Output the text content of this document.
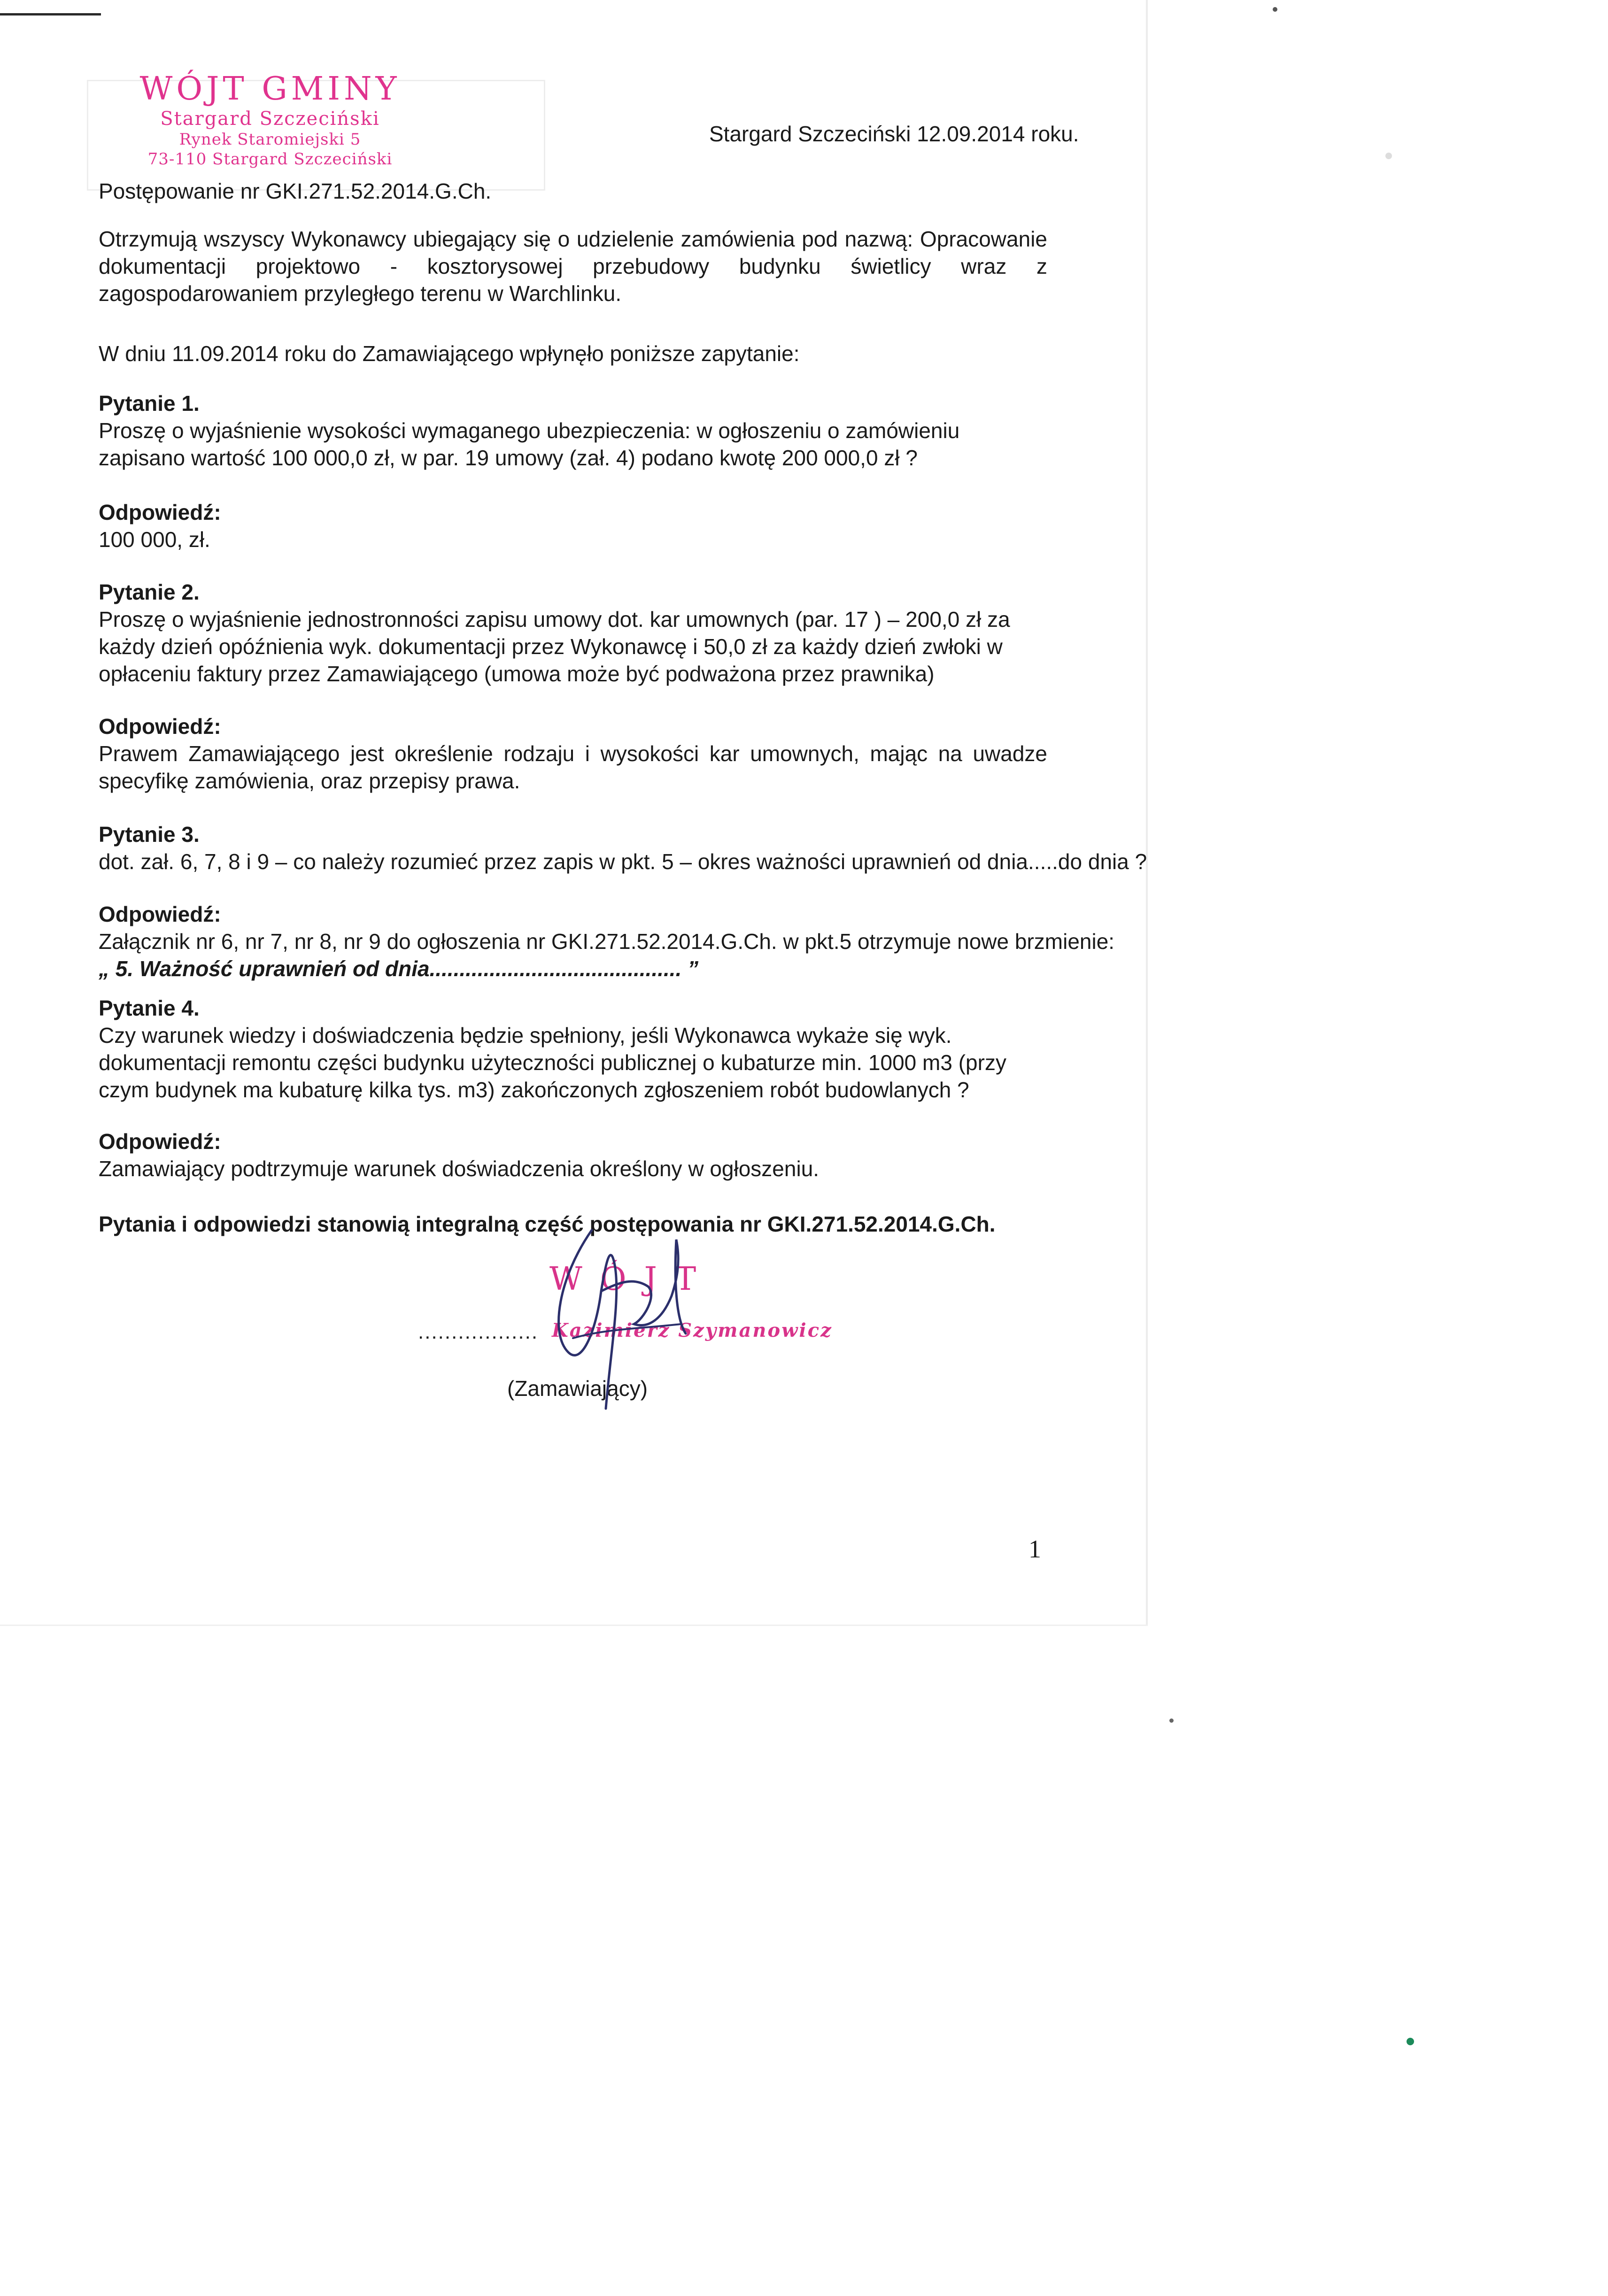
WÓJT GMINY
Stargard Szczeciński
Rynek Staromiejski 5
73-110 Stargard Szczeciński
Stargard Szczeciński 12.09.2014 roku.
Postępowanie nr GKI.271.52.2014.G.Ch.
Otrzymują wszyscy Wykonawcy ubiegający się o udzielenie zamówienia pod nazwą: Opracowanie dokumentacji projektowo - kosztorysowej przebudowy budynku świetlicy wraz z zagospodarowaniem przyległego terenu w Warchlinku.
W dniu 11.09.2014 roku do Zamawiającego wpłynęło poniższe zapytanie:
Pytanie 1.
Proszę o wyjaśnienie wysokości wymaganego ubezpieczenia: w ogłoszeniu o zamówieniu zapisano wartość 100 000,0 zł, w par. 19 umowy (zał. 4) podano kwotę 200 000,0 zł ?
Odpowiedź:
100 000, zł.
Pytanie 2.
Proszę o wyjaśnienie jednostronności zapisu umowy dot. kar umownych (par. 17 ) – 200,0 zł za każdy dzień opóźnienia wyk. dokumentacji przez Wykonawcę i 50,0 zł za każdy dzień zwłoki w opłaceniu faktury przez Zamawiającego (umowa może być podważona przez prawnika)
Odpowiedź:
Prawem Zamawiającego jest określenie rodzaju i wysokości kar umownych, mając na uwadze specyfikę zamówienia, oraz przepisy prawa.
Pytanie 3.
dot. zał. 6, 7, 8 i 9 – co należy rozumieć przez zapis w pkt. 5 – okres ważności uprawnień od dnia.....do dnia ?
Odpowiedź:
Załącznik nr 6, nr 7, nr 8, nr 9 do ogłoszenia nr GKI.271.52.2014.G.Ch. w pkt.5 otrzymuje nowe brzmienie:
„ 5. Ważność uprawnień od dnia.......................................... ”
Pytanie 4.
Czy warunek wiedzy i doświadczenia będzie spełniony, jeśli Wykonawca wykaże się wyk. dokumentacji remontu części budynku użyteczności publicznej o kubaturze min. 1000 m3 (przy czym budynek ma kubaturę kilka tys. m3) zakończonych zgłoszeniem robót budowlanych ?
Odpowiedź:
Zamawiający podtrzymuje warunek doświadczenia określony w ogłoszeniu.
Pytania i odpowiedzi stanowią integralną część postępowania nr GKI.271.52.2014.G.Ch.
WÓJT
.................. Kazimierz Szymanowicz
(Zamawiający)
1
